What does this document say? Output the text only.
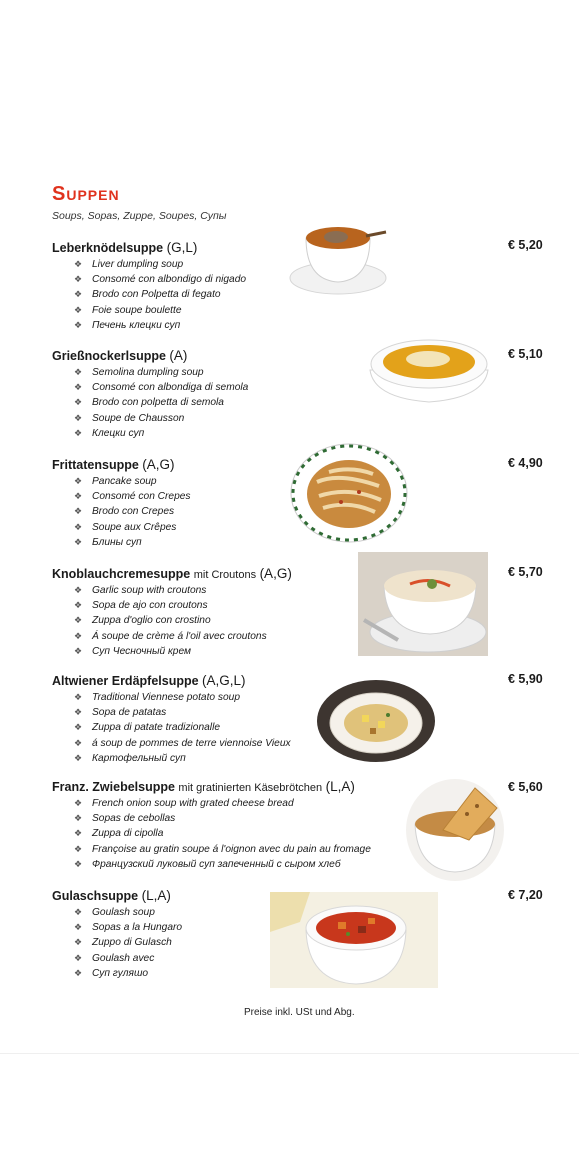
Suppen
Soups, Sopas, Zuppe, Soupes, Супы
Leberknödelsuppe (G,L)
❖ Liver dumpling soup
❖ Consomé con albondigo di nigado
❖ Brodo con Polpetta di fegato
❖ Foie soupe boulette
❖ Печень клецки суп
€ 5,20
Grießnockerlsuppe (A)
❖ Semolina dumpling soup
❖ Consomé con albondiga di semola
❖ Brodo con polpetta di semola
❖ Soupe de Chausson
❖ Клецки суп
€ 5,10
Frittatensuppe (A,G)
❖ Pancake soup
❖ Consomé con Crepes
❖ Brodo con Crepes
❖ Soupe aux Crêpes
❖ Блины суп
€ 4,90
Knoblauchcremesuppe mit Croutons (A,G)
❖ Garlic soup with croutons
❖ Sopa de ajo con croutons
❖ Zuppa d'oglio con crostino
❖ Á soupe de crème á l'oil avec croutons
❖ Суп Чесночный крем
€ 5,70
Altwiener Erdäpfelsuppe (A,G,L)
❖ Traditional Viennese potato soup
❖ Sopa de patatas
❖ Zuppa di patate tradizionalle
❖ á soup de pommes de terre viennoise Vieux
❖ Картофельный суп
€ 5,90
Franz. Zwiebelsuppe mit gratinierten Käsebrötchen (L,A)
❖ French onion soup with grated cheese bread
❖ Sopas de cebollas
❖ Zuppa di cipolla
❖ Françoise au gratin soupe á l'oignon avec du pain au fromage
❖ Французский луковый суп запеченный с сыром хлеб
€ 5,60
Gulaschsuppe (L,A)
❖ Goulash soup
❖ Sopas a la Hungaro
❖ Zuppo di Gulasch
❖ Goulash avec
❖ Суп гуляшо
€ 7,20
Preise inkl. USt und Abg.
